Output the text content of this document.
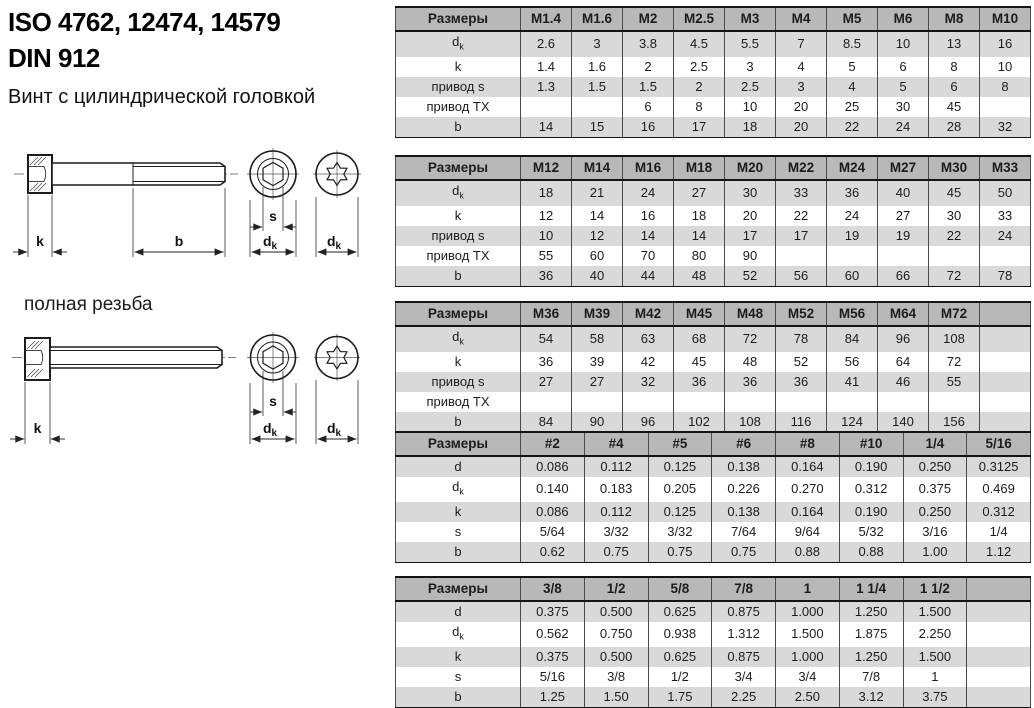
ISO 4762, 12474, 14579
DIN 912
Винт с цилиндрической головкой
k	b
s
$d_k$	$d_k$
полная резьба
k
s
$d_k$	$d_k$
Размеры	M1.4	M1.6	M2	M2.5	M3	M4	M5	M6	M8	M10
$d_k$	2.6	3	3.8	4.5	5.5	7	8.5	10	13	16
k	1.4	1.6	2	2.5	3	4	5	6	8	10
привод s	1.3	1.5	1.5	2	2.5	3	4	5	6	8
привод TX			6	8	10	20	25	30	45	
b	14	15	16	17	18	20	22	24	28	32
Размеры	M12	M14	M16	M18	M20	M22	M24	M27	M30	M33
$d_k$	18	21	24	27	30	33	36	40	45	50
k	12	14	16	18	20	22	24	27	30	33
привод s	10	12	14	14	17	17	19	19	22	24
привод TX	55	60	70	80	90					
b	36	40	44	48	52	56	60	66	72	78
Размеры	M36	M39	M42	M45	M48	M52	M56	M64	M72	
$d_k$	54	58	63	68	72	78	84	96	108	
k	36	39	42	45	48	52	56	64	72	
привод s	27	27	32	36	36	36	41	46	55	
привод TX										
b	84	90	96	102	108	116	124	140	156	
Размеры	#2	#4	#5	#6	#8	#10	1/4	5/16
d	0.086	0.112	0.125	0.138	0.164	0.190	0.250	0.3125
$d_k$	0.140	0.183	0.205	0.226	0.270	0.312	0.375	0.469
k	0.086	0.112	0.125	0.138	0.164	0.190	0.250	0.312
s	5/64	3/32	3/32	7/64	9/64	5/32	3/16	1/4
b	0.62	0.75	0.75	0.75	0.88	0.88	1.00	1.12
Размеры	3/8	1/2	5/8	7/8	1	1 1/4	1 1/2	
d	0.375	0.500	0.625	0.875	1.000	1.250	1.500	
$d_k$	0.562	0.750	0.938	1.312	1.500	1.875	2.250	
k	0.375	0.500	0.625	0.875	1.000	1.250	1.500	
s	5/16	3/8	1/2	3/4	3/4	7/8	1	
b	1.25	1.50	1.75	2.25	2.50	3.12	3.75	
